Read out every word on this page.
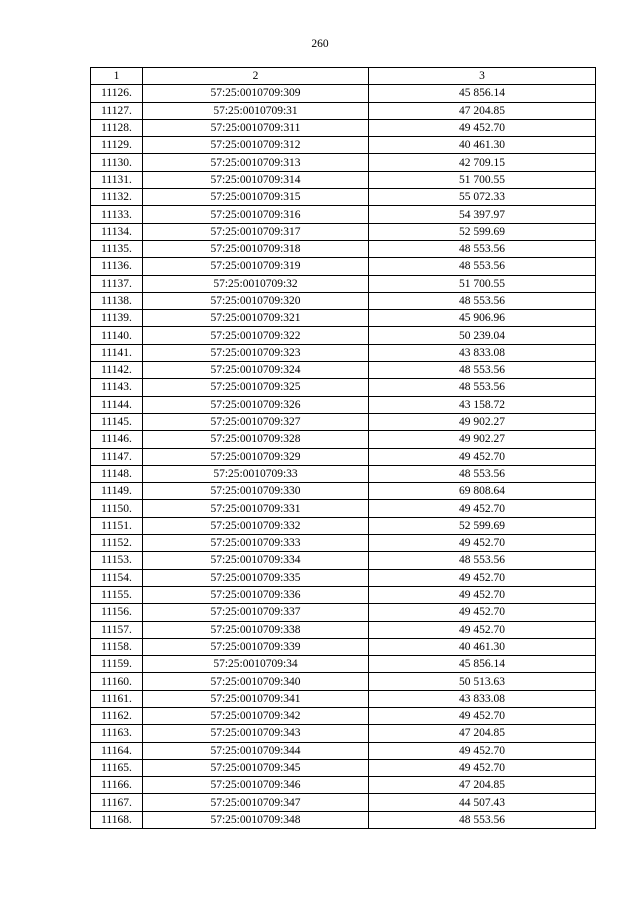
260
1	2	3
11126.	57:25:0010709:309	45 856.14
11127.	57:25:0010709:31	47 204.85
11128.	57:25:0010709:311	49 452.70
11129.	57:25:0010709:312	40 461.30
11130.	57:25:0010709:313	42 709.15
11131.	57:25:0010709:314	51 700.55
11132.	57:25:0010709:315	55 072.33
11133.	57:25:0010709:316	54 397.97
11134.	57:25:0010709:317	52 599.69
11135.	57:25:0010709:318	48 553.56
11136.	57:25:0010709:319	48 553.56
11137.	57:25:0010709:32	51 700.55
11138.	57:25:0010709:320	48 553.56
11139.	57:25:0010709:321	45 906.96
11140.	57:25:0010709:322	50 239.04
11141.	57:25:0010709:323	43 833.08
11142.	57:25:0010709:324	48 553.56
11143.	57:25:0010709:325	48 553.56
11144.	57:25:0010709:326	43 158.72
11145.	57:25:0010709:327	49 902.27
11146.	57:25:0010709:328	49 902.27
11147.	57:25:0010709:329	49 452.70
11148.	57:25:0010709:33	48 553.56
11149.	57:25:0010709:330	69 808.64
11150.	57:25:0010709:331	49 452.70
11151.	57:25:0010709:332	52 599.69
11152.	57:25:0010709:333	49 452.70
11153.	57:25:0010709:334	48 553.56
11154.	57:25:0010709:335	49 452.70
11155.	57:25:0010709:336	49 452.70
11156.	57:25:0010709:337	49 452.70
11157.	57:25:0010709:338	49 452.70
11158.	57:25:0010709:339	40 461.30
11159.	57:25:0010709:34	45 856.14
11160.	57:25:0010709:340	50 513.63
11161.	57:25:0010709:341	43 833.08
11162.	57:25:0010709:342	49 452.70
11163.	57:25:0010709:343	47 204.85
11164.	57:25:0010709:344	49 452.70
11165.	57:25:0010709:345	49 452.70
11166.	57:25:0010709:346	47 204.85
11167.	57:25:0010709:347	44 507.43
11168.	57:25:0010709:348	48 553.56
